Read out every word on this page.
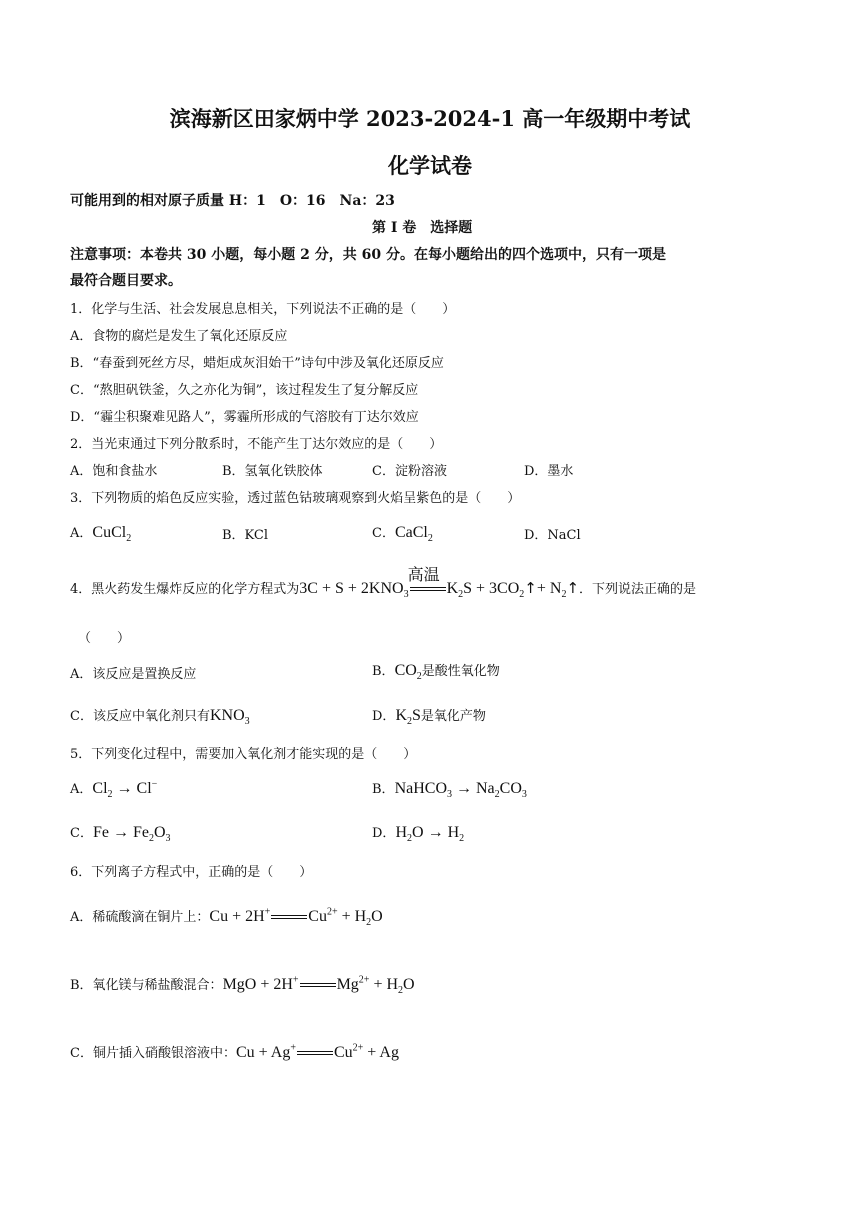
滨海新区田家炳中学 2023-2024-1 高一年级期中考试
化学试卷
可能用到的相对原子质量 H：1　O：16　Na：23
第 I 卷　选择题
注意事项：本卷共 30 小题，每小题 2 分，共 60 分。在每小题给出的四个选项中，只有一项是
最符合题目要求。
1．化学与生活、社会发展息息相关，下列说法不正确的是（　　）
A．食物的腐烂是发生了氧化还原反应
B．“春蚕到死丝方尽，蜡炬成灰泪始干”诗句中涉及氧化还原反应
C．“熬胆矾铁釜，久之亦化为铜”，该过程发生了复分解反应
D．“霾尘积聚难见路人”，雾霾所形成的气溶胶有丁达尔效应
2．当光束通过下列分散系时，不能产生丁达尔效应的是（　　）
A．饱和食盐水	B．氢氧化铁胶体	C．淀粉溶液	D．墨水
3．下列物质的焰色反应实验，透过蓝色钴玻璃观察到火焰呈紫色的是（　　）
A．CuCl$_2$	B．KCl	C．CaCl$_2$	D．NaCl
4．黑火药发生爆炸反应的化学方程式为$3C + S + 2KNO_3$
高温
$K_2S$ + $3CO_2↑+$ $N_2↑$．下列说法正确的是
（　　）
A．该反应是置换反应	B．$CO_2$是酸性氧化物
C．该反应中氧化剂只有$KNO_3$	D．$K_2S$是氧化产物
5．下列变化过程中，需要加入氧化剂才能实现的是（　　）
A．$Cl_2 \to Cl^-$	B．NaHCO$_3$ → $Na_2CO_3$
C．$Fe \to Fe_2O_3$	D．$H_2O \to H_2$
6．下列离子方程式中，正确的是（　　）
A．稀硫酸滴在铜片上：Cu + 2H+ $Cu^{2+} + H_2O$
B．氧化镁与稀盐酸混合：MgO + 2H+ $Mg^{2+} + H_2O$
C．铜片插入硝酸银溶液中：Cu + Ag+ $Cu^{2+} + Ag$
